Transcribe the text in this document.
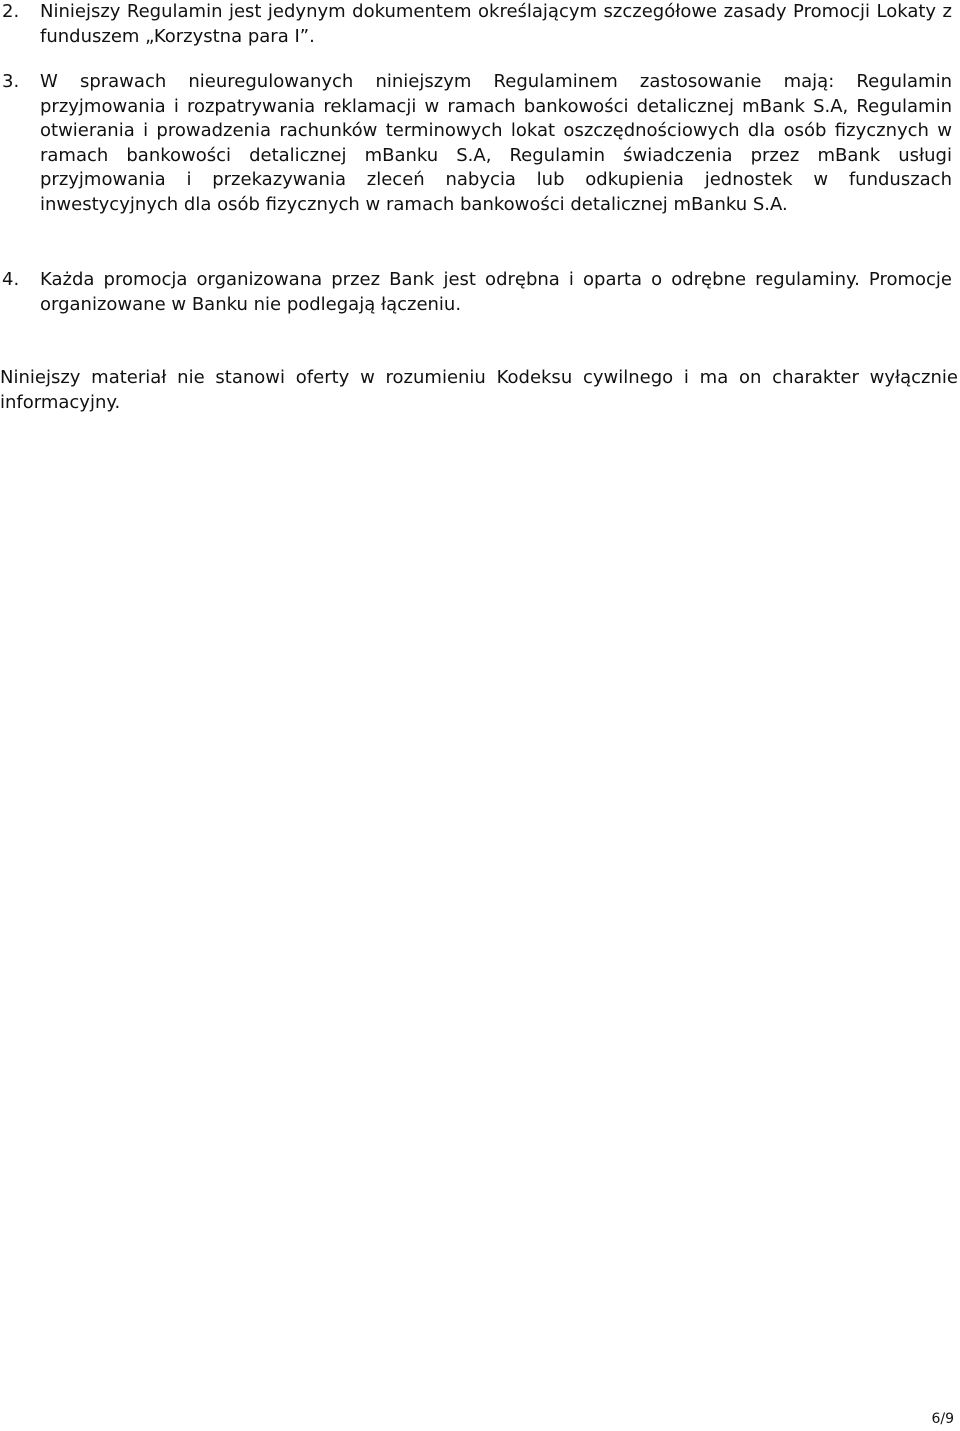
2. Niniejszy Regulamin jest jedynym dokumentem określającym szczegółowe zasady Promocji Lokaty z funduszem „Korzystna para I”.
3. W sprawach nieuregulowanych niniejszym Regulaminem zastosowanie mają: Regulamin przyjmowania i rozpatrywania reklamacji w ramach bankowości detalicznej mBank S.A, Regulamin otwierania i prowadzenia rachunków terminowych lokat oszczędnościowych dla osób fizycznych w ramach bankowości detalicznej mBanku S.A, Regulamin świadczenia przez mBank usługi przyjmowania i przekazywania zleceń nabycia lub odkupienia jednostek w funduszach inwestycyjnych dla osób fizycznych w ramach bankowości detalicznej mBanku S.A.
4. Każda promocja organizowana przez Bank jest odrębna i oparta o odrębne regulaminy. Promocje organizowane w Banku nie podlegają łączeniu.
Niniejszy materiał nie stanowi oferty w rozumieniu Kodeksu cywilnego i ma on charakter wyłącznie informacyjny.
6/9
